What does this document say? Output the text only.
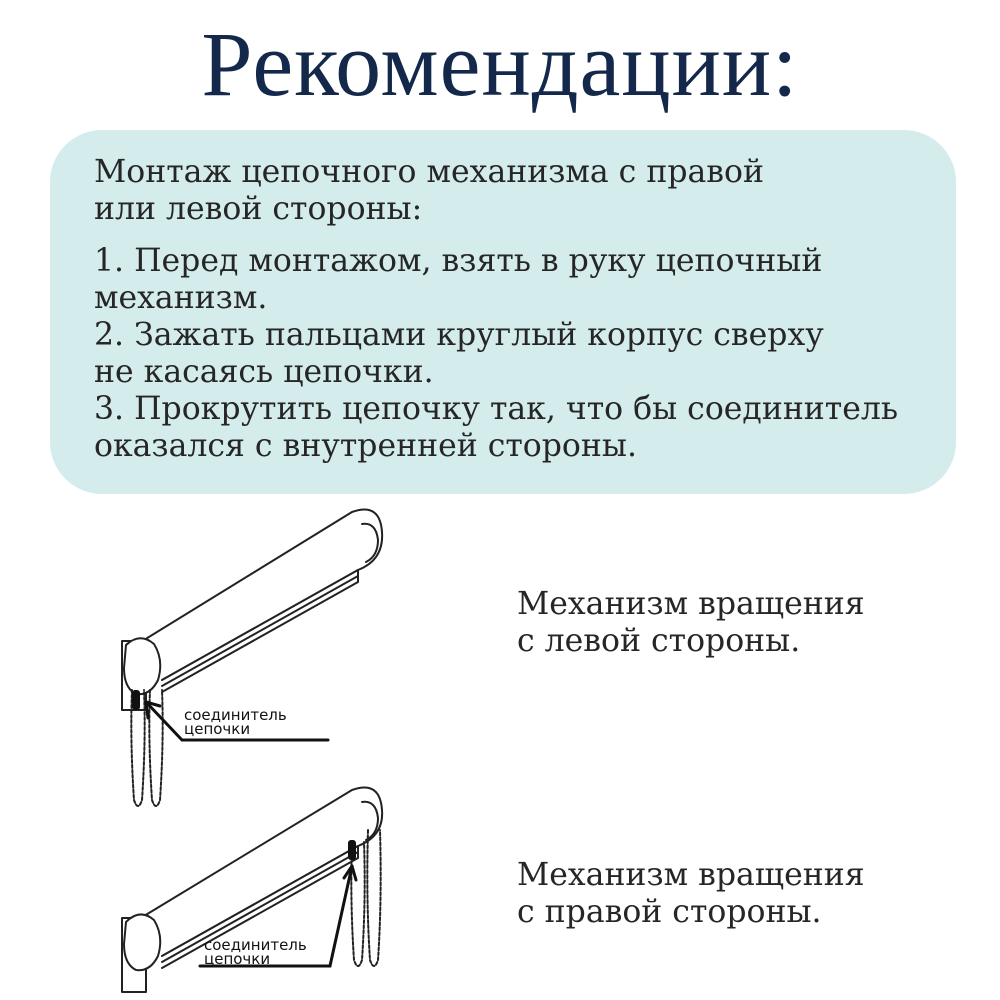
Рекомендации:
Монтаж цепочного механизма с правой
или левой стороны:
1. Перед монтажом, взять в руку цепочный
механизм.
2. Зажать пальцами круглый корпус сверху
не касаясь цепочки.
3. Прокрутить цепочку так, что бы соединитель
оказался с внутренней стороны.
соединитель
цепочки
Механизм вращения
с левой стороны.
соединитель
цепочки
Механизм вращения
с правой стороны.
